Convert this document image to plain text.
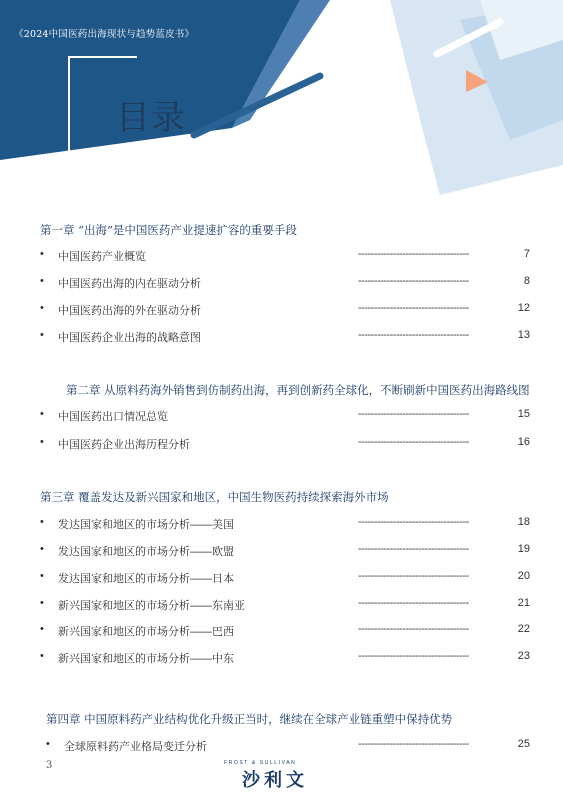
《2024中国医药出海现状与趋势蓝皮书》
目录
第一章 “出海”是中国医药产业提速扩容的重要手段
• 中国医药产业概览	-----------------------------------	7
• 中国医药出海的内在驱动分析	-----------------------------------	8
• 中国医药出海的外在驱动分析	-----------------------------------	12
• 中国医药企业出海的战略意图	-----------------------------------	13
第二章 从原料药海外销售到仿制药出海，再到创新药全球化，不断刷新中国医药出海路线图
• 中国医药出口情况总览	-----------------------------------	15
• 中国医药企业出海历程分析	-----------------------------------	16
第三章 覆盖发达及新兴国家和地区，中国生物医药持续探索海外市场
• 发达国家和地区的市场分析——美国	-----------------------------------	18
• 发达国家和地区的市场分析——欧盟	-----------------------------------	19
• 发达国家和地区的市场分析——日本	-----------------------------------	20
• 新兴国家和地区的市场分析——东南亚	-----------------------------------	21
• 新兴国家和地区的市场分析——巴西	-----------------------------------	22
• 新兴国家和地区的市场分析——中东	-----------------------------------	23
第四章 中国原料药产业结构优化升级正当时，继续在全球产业链重塑中保持优势
• 全球原料药产业格局变迁分析	-----------------------------------	25
3	FROST & SULLIVAN
沙利文
